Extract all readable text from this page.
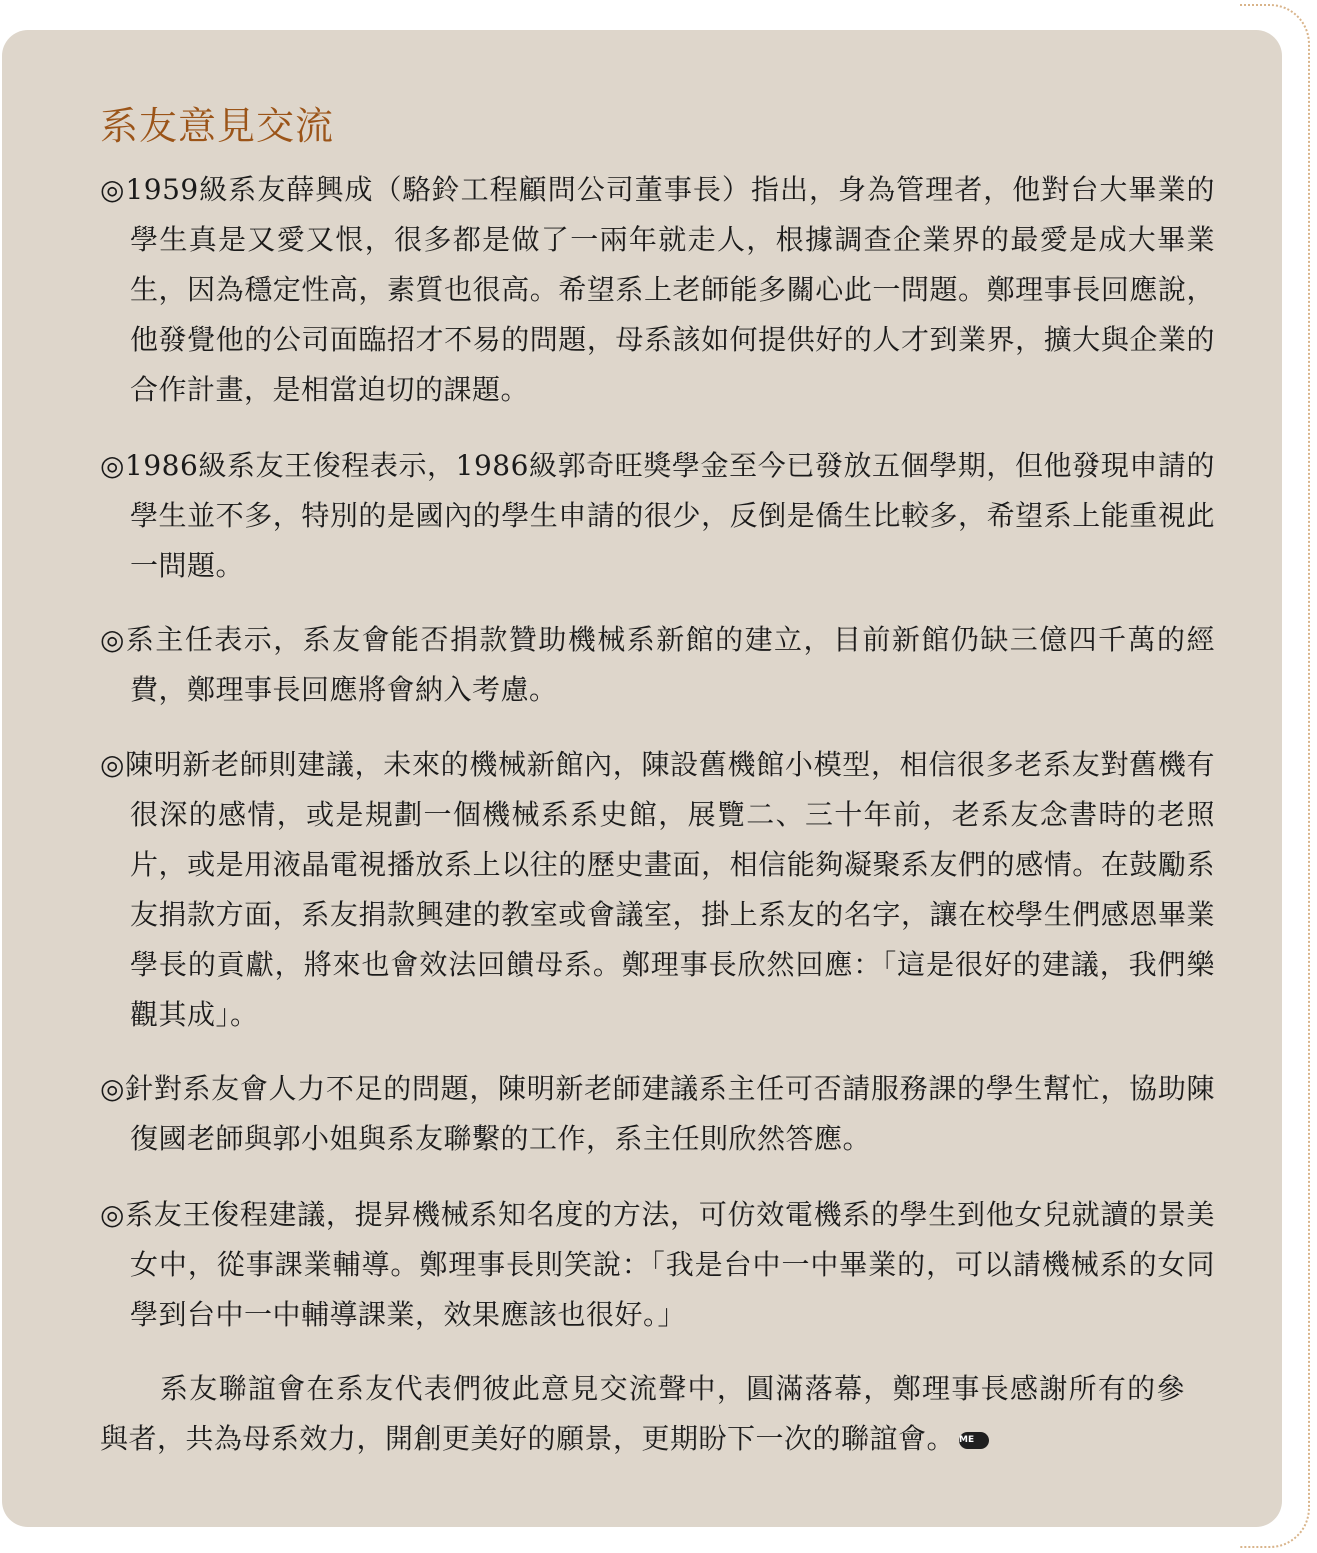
系友意見交流
◎1959級系友薛興成（駱鈴工程顧問公司董事長）指出，身為管理者，他對台大畢業的學生真是又愛又恨，很多都是做了一兩年就走人，根據調查企業界的最愛是成大畢業生，因為穩定性高，素質也很高。希望系上老師能多關心此一問題。鄭理事長回應說，他發覺他的公司面臨招才不易的問題，母系該如何提供好的人才到業界，擴大與企業的合作計畫，是相當迫切的課題。
◎1986級系友王俊程表示，1986級郭奇旺獎學金至今已發放五個學期，但他發現申請的學生並不多，特別的是國內的學生申請的很少，反倒是僑生比較多，希望系上能重視此一問題。
◎系主任表示，系友會能否捐款贊助機械系新館的建立，目前新館仍缺三億四千萬的經費，鄭理事長回應將會納入考慮。
◎陳明新老師則建議，未來的機械新館內，陳設舊機館小模型，相信很多老系友對舊機有很深的感情，或是規劃一個機械系系史館，展覽二、三十年前，老系友念書時的老照片，或是用液晶電視播放系上以往的歷史畫面，相信能夠凝聚系友們的感情。在鼓勵系友捐款方面，系友捐款興建的教室或會議室，掛上系友的名字，讓在校學生們感恩畢業學長的貢獻，將來也會效法回饋母系。鄭理事長欣然回應：「這是很好的建議，我們樂觀其成」。
◎針對系友會人力不足的問題，陳明新老師建議系主任可否請服務課的學生幫忙，協助陳復國老師與郭小姐與系友聯繫的工作，系主任則欣然答應。
◎系友王俊程建議，提昇機械系知名度的方法，可仿效電機系的學生到他女兒就讀的景美女中，從事課業輔導。鄭理事長則笑說：「我是台中一中畢業的，可以請機械系的女同學到台中一中輔導課業，效果應該也很好。」
系友聯誼會在系友代表們彼此意見交流聲中，圓滿落幕，鄭理事長感謝所有的參與者，共為母系效力，開創更美好的願景，更期盼下一次的聯誼會。 ME
